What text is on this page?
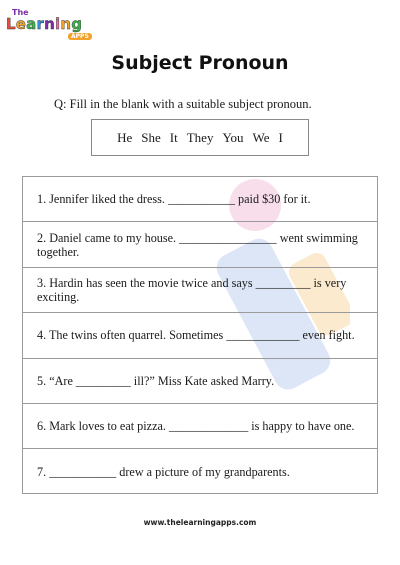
The
Learning
APPS
Subject Pronoun
Q: Fill in the blank with a suitable subject pronoun.
He She It They You We I
1. Jennifer liked the dress. ___________ paid $30 for it.
2. Daniel came to my house. ________________ went swimming together.
3. Hardin has seen the movie twice and says _________ is very exciting.
4. The twins often quarrel. Sometimes ____________ even fight.
5. “Are _________ ill?” Miss Kate asked Marry.
6. Mark loves to eat pizza. _____________ is happy to have one.
7. ___________ drew a picture of my grandparents.
www.thelearningapps.com
